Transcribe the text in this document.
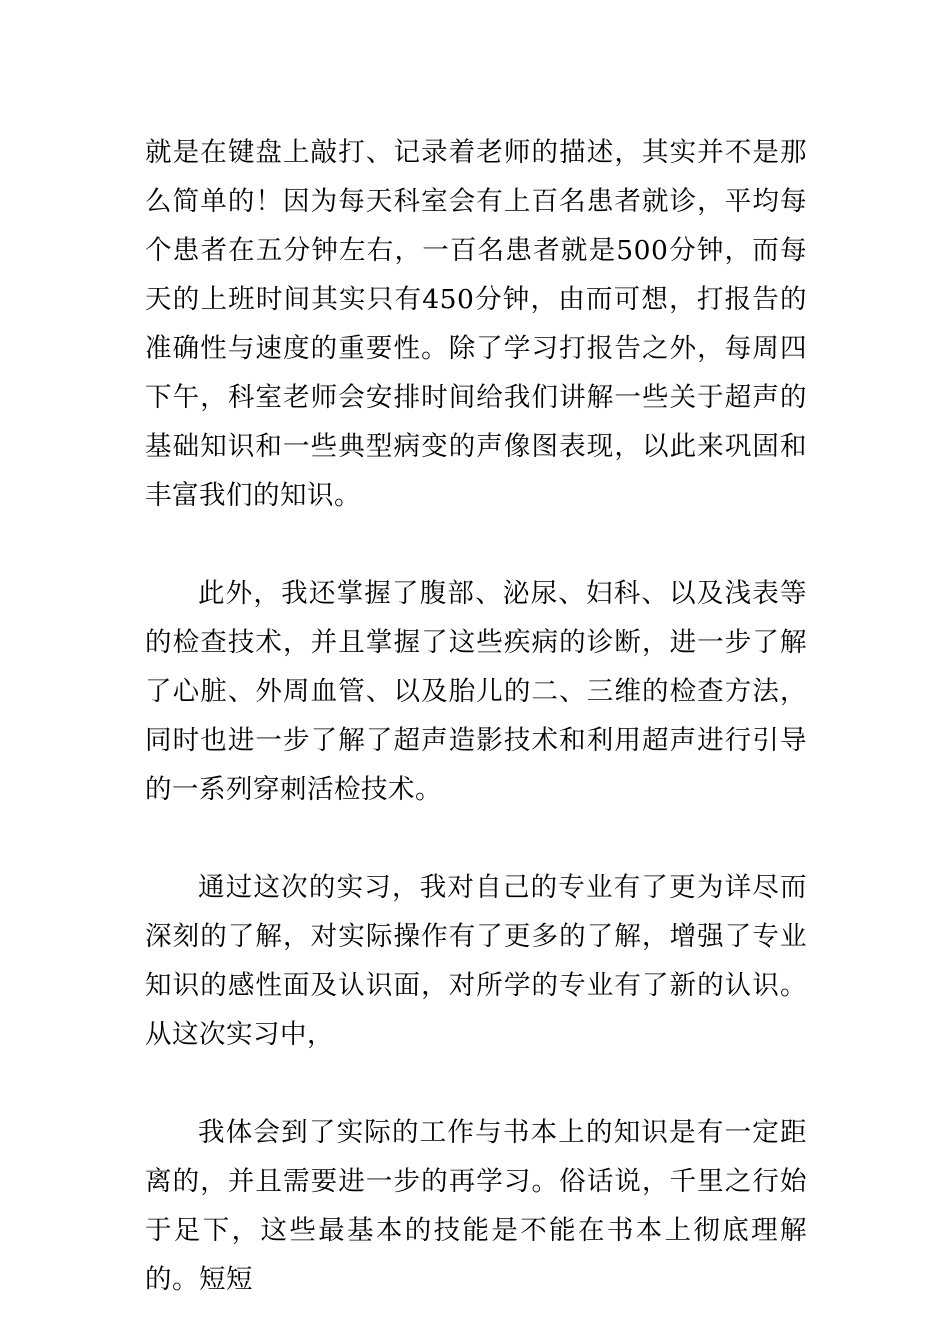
就是在键盘上敲打、记录着老师的描述，其实并不是那么简单的！因为每天科室会有上百名患者就诊，平均每个患者在五分钟左右，一百名患者就是500分钟，而每天的上班时间其实只有450分钟，由而可想，打报告的准确性与速度的重要性。除了学习打报告之外，每周四下午，科室老师会安排时间给我们讲解一些关于超声的基础知识和一些典型病变的声像图表现，以此来巩固和丰富我们的知识。

此外，我还掌握了腹部、泌尿、妇科、以及浅表等的检查技术，并且掌握了这些疾病的诊断，进一步了解了心脏、外周血管、以及胎儿的二、三维的检查方法，同时也进一步了解了超声造影技术和利用超声进行引导的一系列穿刺活检技术。

通过这次的实习，我对自己的专业有了更为详尽而深刻的了解，对实际操作有了更多的了解，增强了专业知识的感性面及认识面，对所学的专业有了新的认识。从这次实习中，

我体会到了实际的工作与书本上的知识是有一定距离的，并且需要进一步的再学习。俗话说，千里之行始于足下，这些最基本的技能是不能在书本上彻底理解的。短短
